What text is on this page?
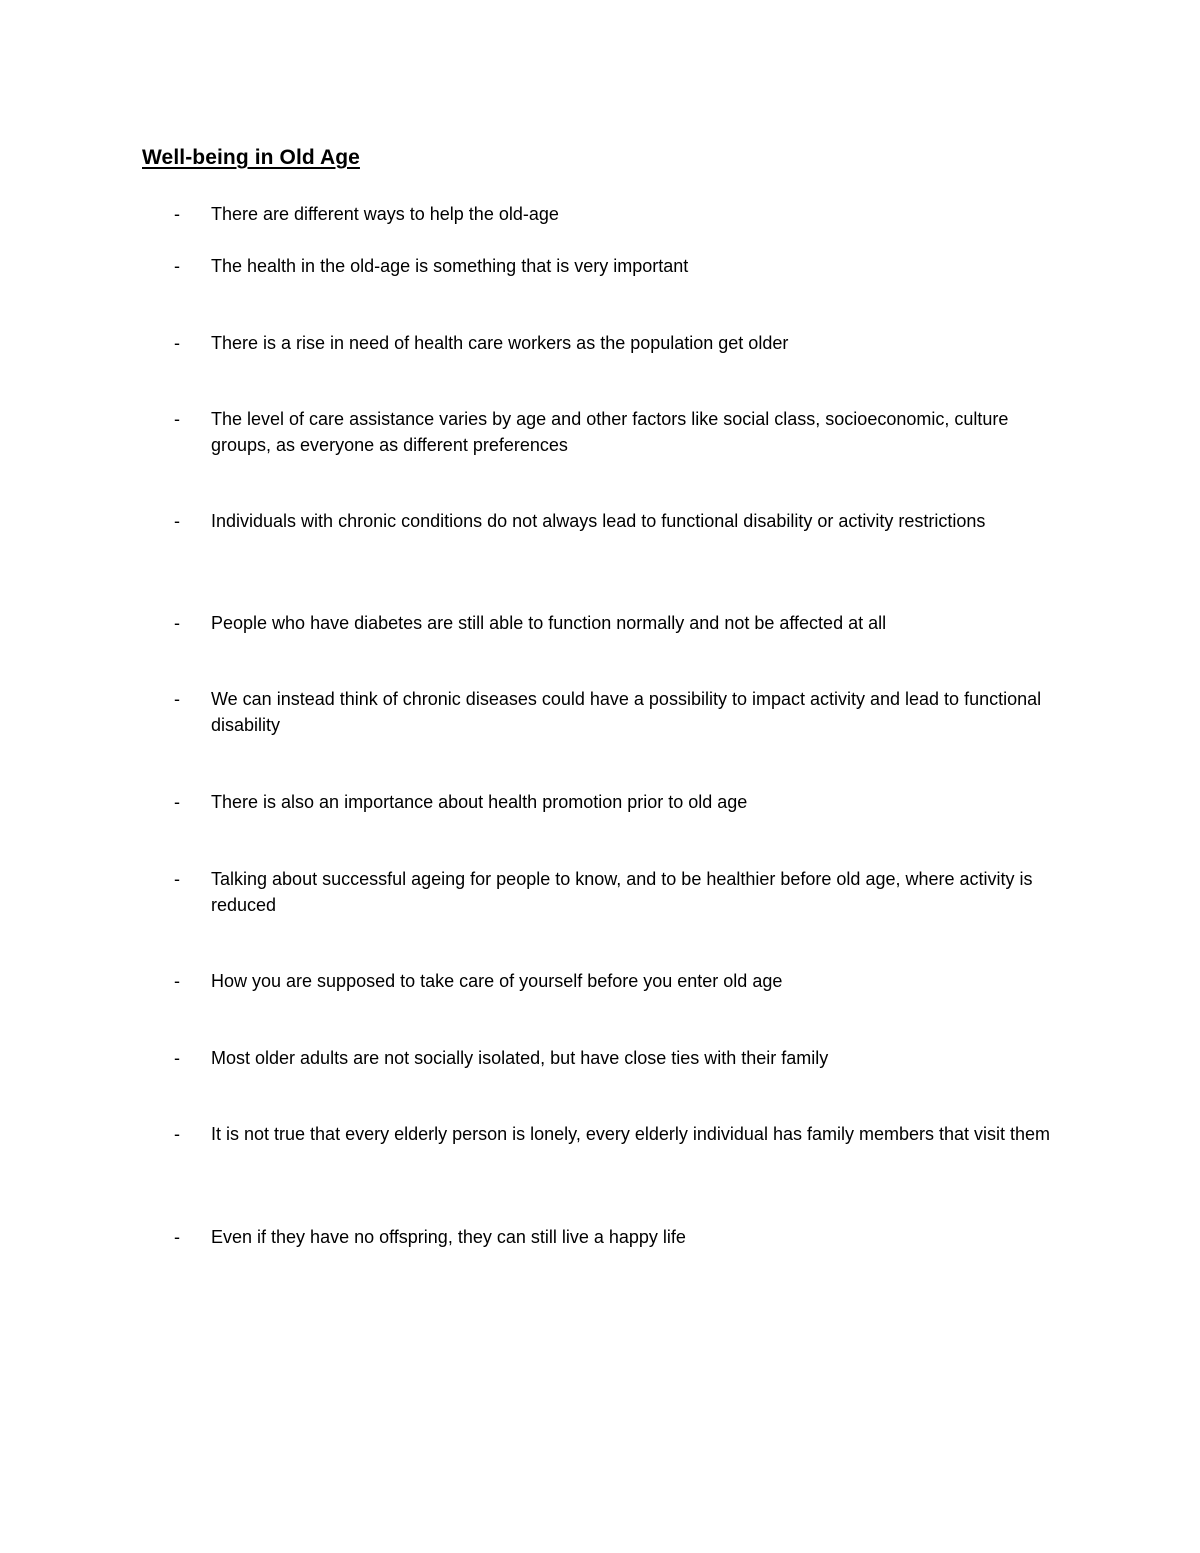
Well-being in Old Age
- There are different ways to help the old-age
- The health in the old-age is something that is very important
- There is a rise in need of health care workers as the population get older
- The level of care assistance varies by age and other factors like social class, socioeconomic, culture groups, as everyone as different preferences
- Individuals with chronic conditions do not always lead to functional disability or activity restrictions
- People who have diabetes are still able to function normally and not be affected at all
- We can instead think of chronic diseases could have a possibility to impact activity and lead to functional disability
- There is also an importance about health promotion prior to old age
- Talking about successful ageing for people to know, and to be healthier before old age, where activity is reduced
- How you are supposed to take care of yourself before you enter old age
- Most older adults are not socially isolated, but have close ties with their family
- It is not true that every elderly person is lonely, every elderly individual has family members that visit them
- Even if they have no offspring, they can still live a happy life
